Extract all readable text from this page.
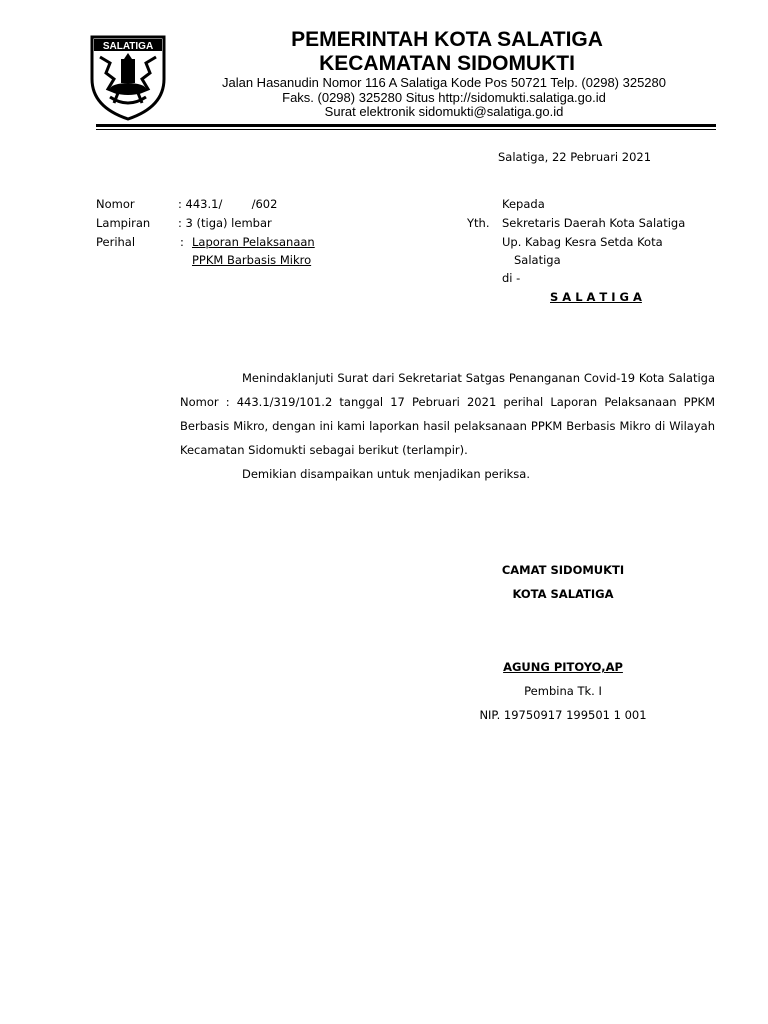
SALATIGA	PEMERINTAH KOTA SALATIGA
KECAMATAN SIDOMUKTI
Jalan Hasanudin Nomor 116 A Salatiga Kode Pos 50721 Telp. (0298) 325280
Faks. (0298) 325280 Situs http://sidomukti.salatiga.go.id
Surat elektronik sidomukti@salatiga.go.id
Salatiga, 22 Pebruari 2021
Nomor	: 443.1/        /602
Lampiran : 3 (tiga) lembar
Perihal	: Laporan Pelaksanaan
PPKM Barbasis Mikro
Kepada
Yth. Sekretaris Daerah Kota Salatiga
Up. Kabag Kesra Setda Kota
Salatiga
di -
S A L A T I G A

Menindaklanjuti Surat dari Sekretariat Satgas Penanganan Covid-19 Kota Salatiga Nomor : 443.1/319/101.2 tanggal 17 Pebruari 2021 perihal Laporan Pelaksanaan PPKM Berbasis Mikro, dengan ini kami laporkan hasil pelaksanaan PPKM Berbasis Mikro di Wilayah Kecamatan Sidomukti sebagai berikut (terlampir).

Demikian disampaikan untuk menjadikan periksa.

CAMAT SIDOMUKTI
KOTA SALATIGA
AGUNG PITOYO,AP
Pembina Tk. I
NIP. 19750917 199501 1 001
